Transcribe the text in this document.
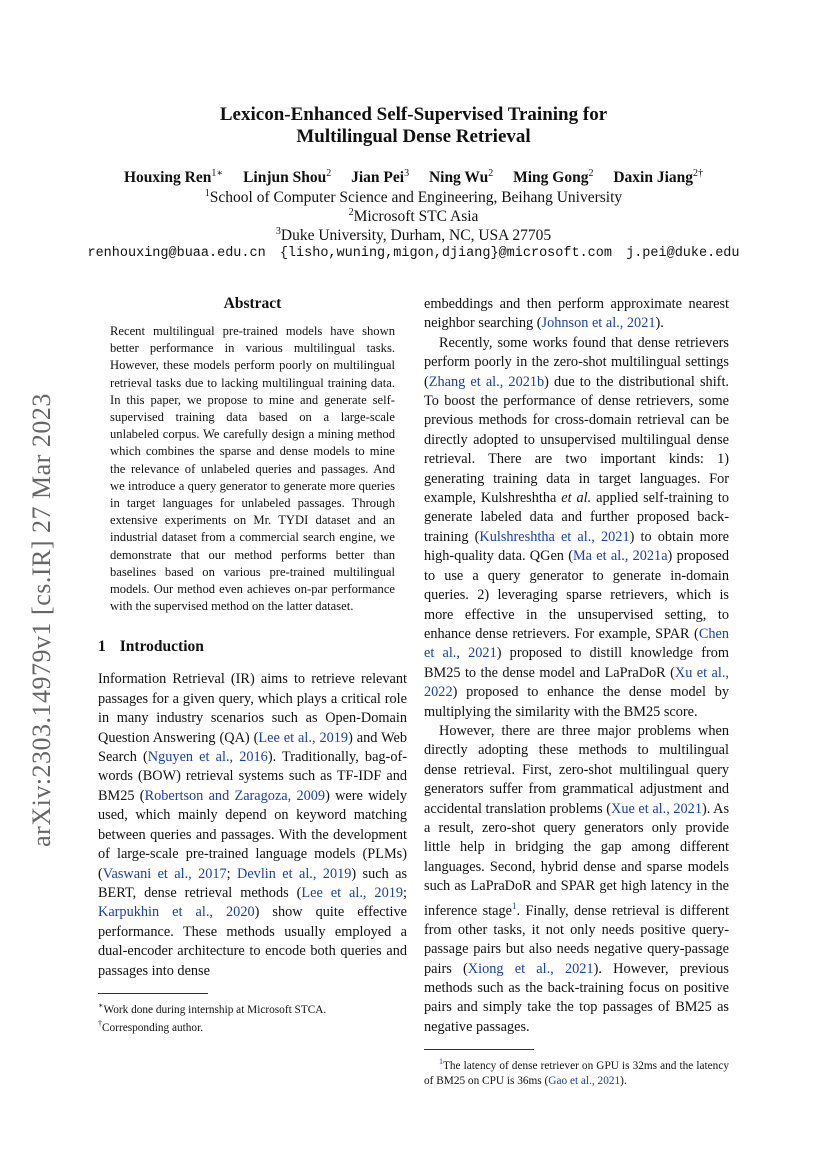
arXiv:2303.14979v1 [cs.IR] 27 Mar 2023
Lexicon-Enhanced Self-Supervised Training for
Multilingual Dense Retrieval
Houxing Ren$^{1∗}$ Linjun Shou$^2$ Jian Pei$^3$ Ning Wu$^2$ Ming Gong$^2$ Daxin Jiang$^{2\dagger}$
$^1$School of Computer Science and Engineering, Beihang University
$^2$Microsoft STC Asia
$^3$Duke University, Durham, NC, USA 27705
renhouxing@buaa.edu.cn {lisho,wuning,migon,djiang}@microsoft.com j.pei@duke.edu

Abstract

Recent multilingual pre-trained models have shown better performance in various multilingual tasks. However, these models perform poorly on multilingual retrieval tasks due to lacking multilingual training data. In this paper, we propose to mine and generate self-supervised training data based on a large-scale unlabeled corpus. We carefully design a mining method which combines the sparse and dense models to mine the relevance of unlabeled queries and passages. And we introduce a query generator to generate more queries in target languages for unlabeled passages. Through extensive experiments on Mr. TYDI dataset and an industrial dataset from a commercial search engine, we demonstrate that our method performs better than baselines based on various pre-trained multilingual models. Our method even achieves on-par performance with the supervised method on the latter dataset.

1 Introduction

Information Retrieval (IR) aims to retrieve relevant passages for a given query, which plays a critical role in many industry scenarios such as Open-Domain Question Answering (QA) (Lee et al., 2019) and Web Search (Nguyen et al., 2016). Traditionally, bag-of-words (BOW) retrieval systems such as TF-IDF and BM25 (Robertson and Zaragoza, 2009) were widely used, which mainly depend on keyword matching between queries and passages. With the development of large-scale pre-trained language models (PLMs) (Vaswani et al., 2017; Devlin et al., 2019) such as BERT, dense retrieval methods (Lee et al., 2019; Karpukhin et al., 2020) show quite effective performance. These methods usually employed a dual-encoder architecture to encode both queries and passages into dense

∗Work done during internship at Microsoft STCA.

†Corresponding author.

embeddings and then perform approximate nearest neighbor searching (Johnson et al., 2021).

Recently, some works found that dense retrievers perform poorly in the zero-shot multilingual settings (Zhang et al., 2021b) due to the distributional shift. To boost the performance of dense retrievers, some previous methods for cross-domain retrieval can be directly adopted to unsupervised multilingual dense retrieval. There are two important kinds: 1) generating training data in target languages. For example, Kulshreshtha et al. applied self-training to generate labeled data and further proposed back-training (Kulshreshtha et al., 2021) to obtain more high-quality data. QGen (Ma et al., 2021a) proposed to use a query generator to generate in-domain queries. 2) leveraging sparse retrievers, which is more effective in the unsupervised setting, to enhance dense retrievers. For example, SPAR (Chen et al., 2021) proposed to distill knowledge from BM25 to the dense model and LaPraDoR (Xu et al., 2022) proposed to enhance the dense model by multiplying the similarity with the BM25 score.

However, there are three major problems when directly adopting these methods to multilingual dense retrieval. First, zero-shot multilingual query generators suffer from grammatical adjustment and accidental translation problems (Xue et al., 2021). As a result, zero-shot query generators only provide little help in bridging the gap among different languages. Second, hybrid dense and sparse models such as LaPraDoR and SPAR get high latency in the inference stage$^1$. Finally, dense retrieval is different from other tasks, it not only needs positive query-passage pairs but also needs negative query-passage pairs (Xiong et al., 2021). However, previous methods such as the back-training focus on positive pairs and simply take the top passages of BM25 as negative passages.

$^1$The latency of dense retriever on GPU is 32ms and the latency of BM25 on CPU is 36ms (Gao et al., 2021).
